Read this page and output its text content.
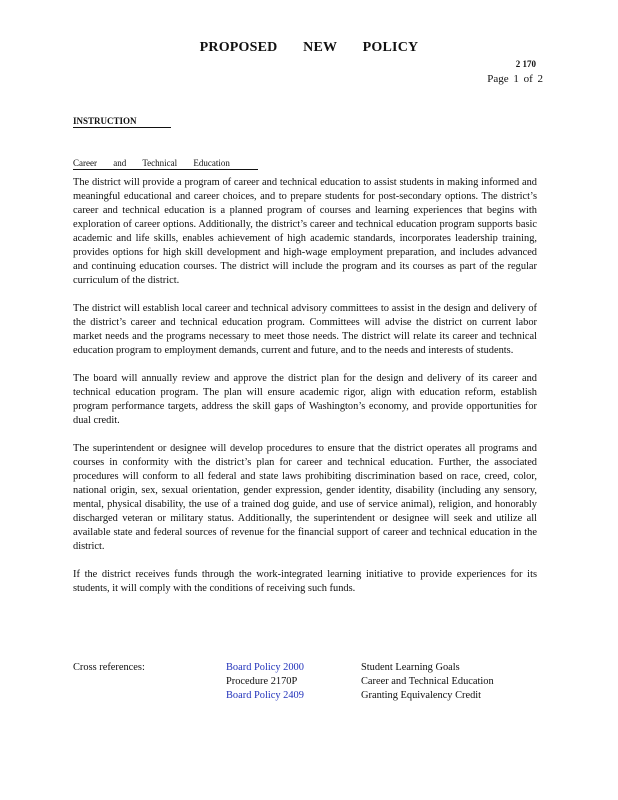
PROPOSED NEW POLICY
2 170
Page 1 of 2
INSTRUCTION
Career and Technical Education

The district will provide a program of career and technical education to assist students in making informed and meaningful educational and career choices, and to prepare students for post-secondary options. The district’s career and technical education is a planned program of courses and learning experiences that begins with exploration of career options. Additionally, the district’s career and technical education program supports basic academic and life skills, enables achievement of high academic standards, incorporates leadership training, provides options for high skill development and high-wage employment preparation, and includes advanced and continuing education courses. The district will include the program and its courses as part of the regular curriculum of the district.

The district will establish local career and technical advisory committees to assist in the design and delivery of the district’s career and technical education program. Committees will advise the district on current labor market needs and the programs necessary to meet those needs. The district will relate its career and technical education program to employment demands, current and future, and to the needs and interests of students.

The board will annually review and approve the district plan for the design and delivery of its career and technical education program. The plan will ensure academic rigor, align with education reform, establish program performance targets, address the skill gaps of Washington’s economy, and provide opportunities for dual credit.

The superintendent or designee will develop procedures to ensure that the district operates all programs and courses in conformity with the district’s plan for career and technical education. Further, the associated procedures will conform to all federal and state laws prohibiting discrimination based on race, creed, color, national origin, sex, sexual orientation, gender expression, gender identity, disability (including any sensory, mental, physical disability, the use of a trained dog guide, and use of service animal), religion, and honorably discharged veteran or military status. Additionally, the superintendent or designee will seek and utilize all available state and federal sources of revenue for the financial support of career and technical education in the district.

If the district receives funds through the work-integrated learning initiative to provide experiences for its students, it will comply with the conditions of receiving such funds.

Cross references:	Board Policy 2000	Student Learning Goals
Procedure 2170P	Career and Technical Education
Board Policy 2409	Granting Equivalency Credit
